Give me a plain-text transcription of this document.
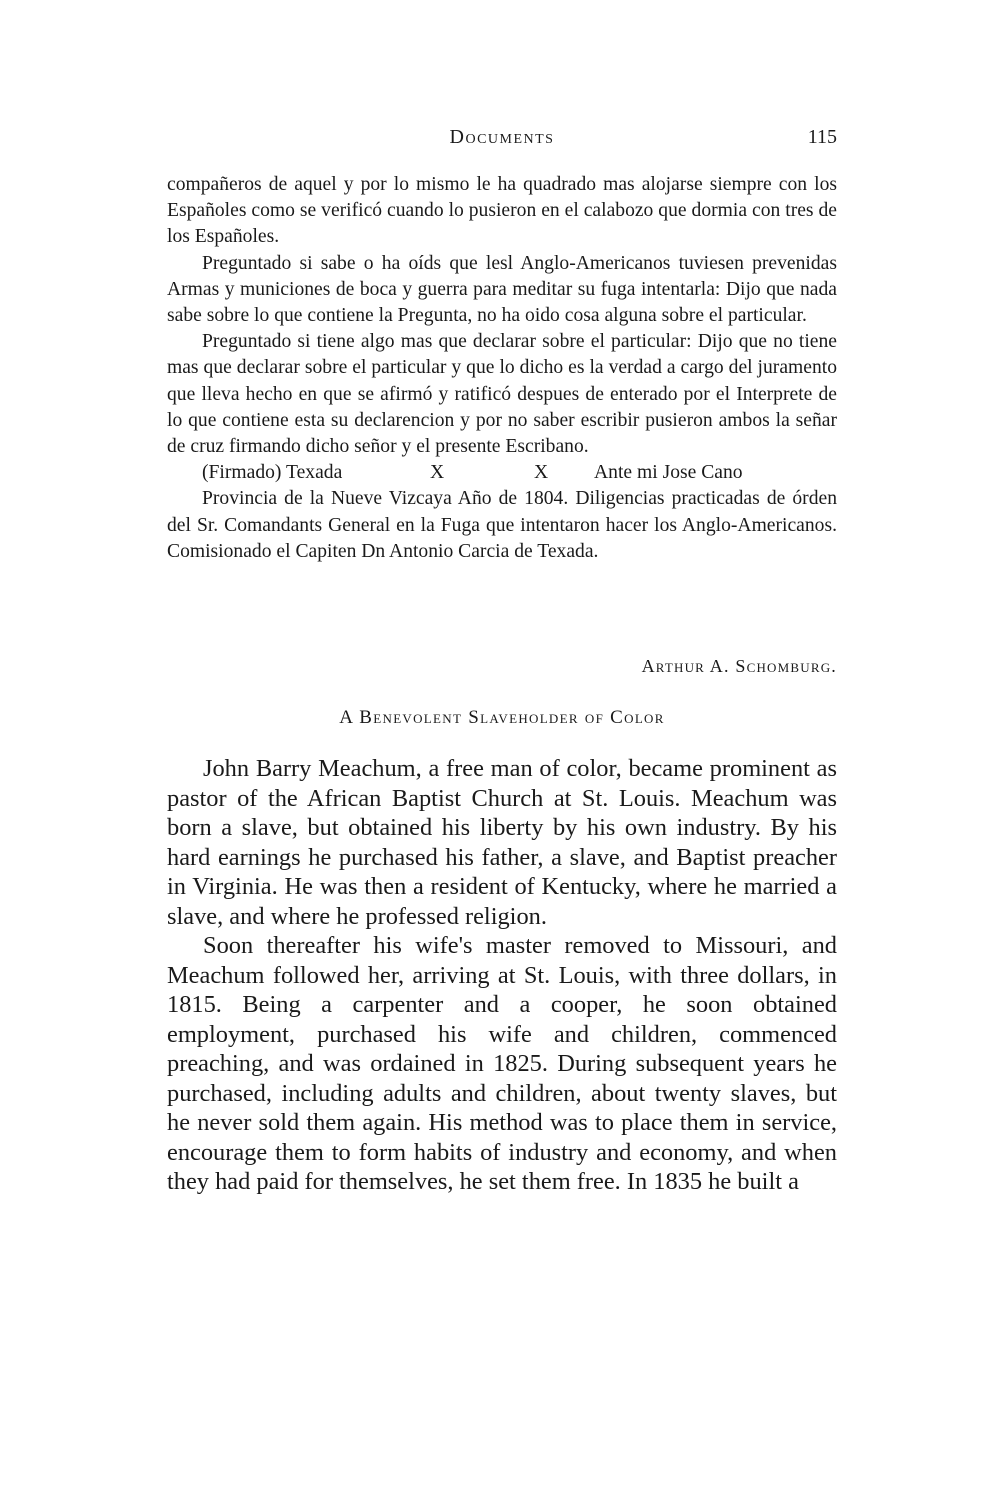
Documents	115

compañeros de aquel y por lo mismo le ha quadrado mas alojarse siempre con los Españoles como se verificó cuando lo pusieron en el calabozo que dormia con tres de los Españoles.

Preguntado si sabe o ha oíds que lesl Anglo-Americanos tuviesen prevenidas Armas y municiones de boca y guerra para meditar su fuga intentarla: Dijo que nada sabe sobre lo que contiene la Pregunta, no ha oido cosa alguna sobre el particular.

Preguntado si tiene algo mas que declarar sobre el particular: Dijo que no tiene mas que declarar sobre el particular y que lo dicho es la verdad a cargo del juramento que lleva hecho en que se afirmó y ratificó despues de enterado por el Interprete de lo que contiene esta su declarencion y por no saber escribir pusieron ambos la señar de cruz firmando dicho señor y el presente Escribano.

(Firmado) Texada	X	X Ante mi Jose Cano

Provincia de la Nueve Vizcaya Año de 1804. Diligencias practicadas de órden del Sr. Comandants General en la Fuga que intentaron hacer los Anglo-Americanos. Comisionado el Capiten Dn Antonio Carcia de Texada.

Arthur A. Schomburg.
A Benevolent Slaveholder of Color

John Barry Meachum, a free man of color, became prominent as pastor of the African Baptist Church at St. Louis. Meachum was born a slave, but obtained his liberty by his own industry. By his hard earnings he purchased his father, a slave, and Baptist preacher in Virginia. He was then a resident of Kentucky, where he married a slave, and where he professed religion.

Soon thereafter his wife's master removed to Missouri, and Meachum followed her, arriving at St. Louis, with three dollars, in 1815. Being a carpenter and a cooper, he soon obtained employment, purchased his wife and children, commenced preaching, and was ordained in 1825. During subsequent years he purchased, including adults and children, about twenty slaves, but he never sold them again. His method was to place them in service, encourage them to form habits of industry and economy, and when they had paid for themselves, he set them free. In 1835 he built a
